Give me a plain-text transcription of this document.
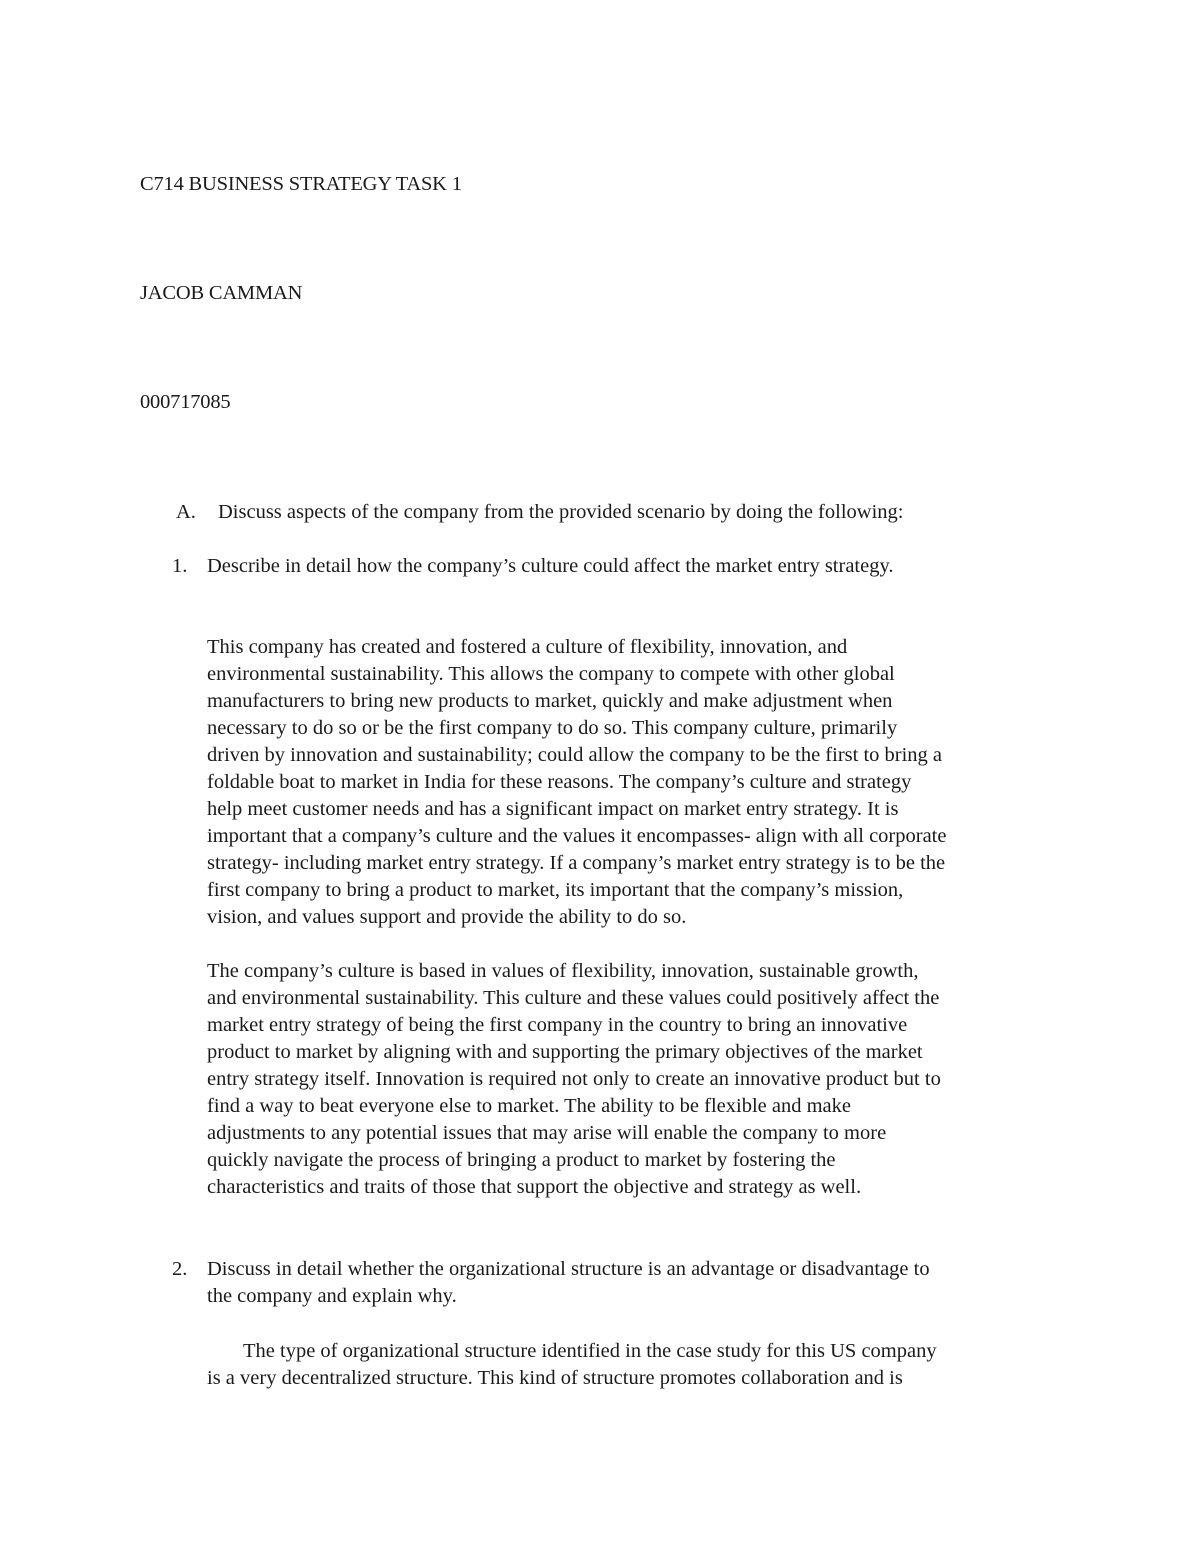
C714 BUSINESS STRATEGY TASK 1
JACOB CAMMAN
000717085
A. Discuss aspects of the company from the provided scenario by doing the following:
1. Describe in detail how the company’s culture could affect the market entry strategy.
This company has created and fostered a culture of flexibility, innovation, and
environmental sustainability. This allows the company to compete with other global
manufacturers to bring new products to market, quickly and make adjustment when
necessary to do so or be the first company to do so. This company culture, primarily
driven by innovation and sustainability; could allow the company to be the first to bring a
foldable boat to market in India for these reasons. The company’s culture and strategy
help meet customer needs and has a significant impact on market entry strategy. It is
important that a company’s culture and the values it encompasses- align with all corporate
strategy- including market entry strategy. If a company’s market entry strategy is to be the
first company to bring a product to market, its important that the company’s mission,
vision, and values support and provide the ability to do so.
The company’s culture is based in values of flexibility, innovation, sustainable growth,
and environmental sustainability. This culture and these values could positively affect the
market entry strategy of being the first company in the country to bring an innovative
product to market by aligning with and supporting the primary objectives of the market
entry strategy itself. Innovation is required not only to create an innovative product but to
find a way to beat everyone else to market. The ability to be flexible and make
adjustments to any potential issues that may arise will enable the company to more
quickly navigate the process of bringing a product to market by fostering the
characteristics and traits of those that support the objective and strategy as well.
2. Discuss in detail whether the organizational structure is an advantage or disadvantage to
the company and explain why.
The type of organizational structure identified in the case study for this US company
is a very decentralized structure. This kind of structure promotes collaboration and is
